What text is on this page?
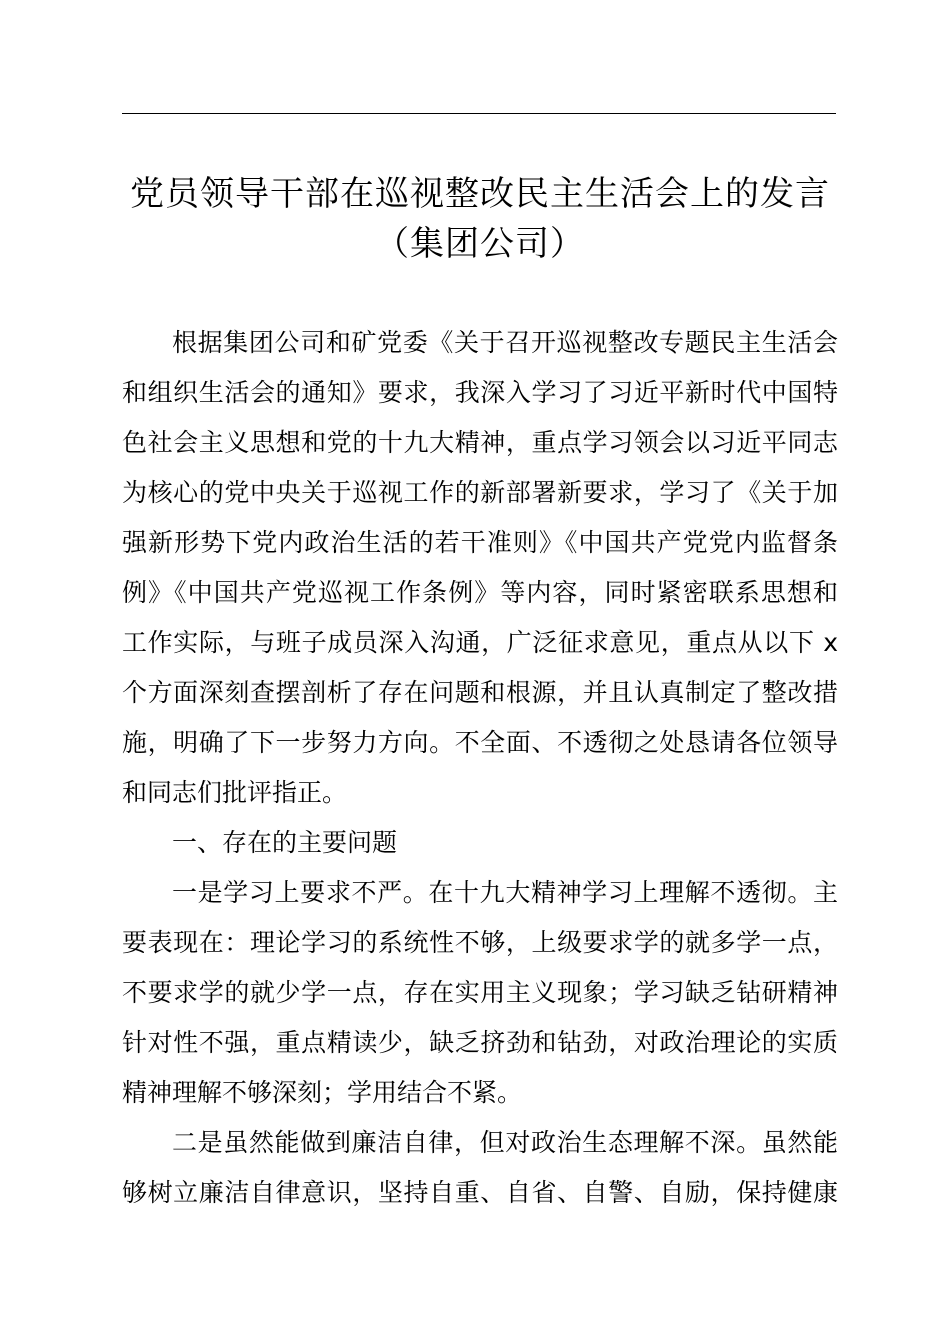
党员领导干部在巡视整改民主生活会上的发言
（集团公司）
根据集团公司和矿党委《关于召开巡视整改专题民主生活会
和组织生活会的通知》要求，我深入学习了习近平新时代中国特
色社会主义思想和党的十九大精神，重点学习领会以习近平同志
为核心的党中央关于巡视工作的新部署新要求，学习了《关于加
强新形势下党内政治生活的若干准则》《中国共产党党内监督条
例》《中国共产党巡视工作条例》等内容，同时紧密联系思想和
工作实际，与班子成员深入沟通，广泛征求意见，重点从以下 x
个方面深刻查摆剖析了存在问题和根源，并且认真制定了整改措
施，明确了下一步努力方向。不全面、不透彻之处恳请各位领导
和同志们批评指正。
一、存在的主要问题
一是学习上要求不严。在十九大精神学习上理解不透彻。主
要表现在：理论学习的系统性不够，上级要求学的就多学一点，
不要求学的就少学一点，存在实用主义现象；学习缺乏钻研精神
针对性不强，重点精读少，缺乏挤劲和钻劲，对政治理论的实质
精神理解不够深刻；学用结合不紧。
二是虽然能做到廉洁自律，但对政治生态理解不深。虽然能
够树立廉洁自律意识，坚持自重、自省、自警、自励，保持健康
